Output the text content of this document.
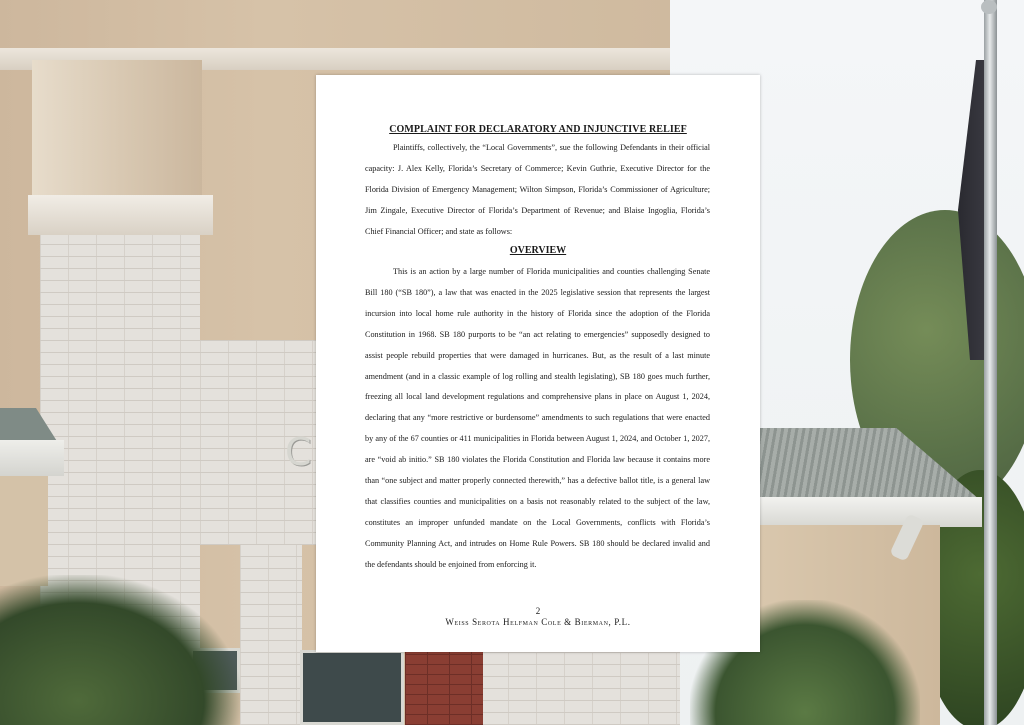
C
COMPLAINT FOR DECLARATORY AND INJUNCTIVE RELIEF

Plaintiffs, collectively, the “Local Governments”, sue the following Defendants in their official capacity: J. Alex Kelly, Florida’s Secretary of Commerce; Kevin Guthrie, Executive Director for the Florida Division of Emergency Management; Wilton Simpson, Florida’s Commissioner of Agriculture; Jim Zingale, Executive Director of Florida’s Department of Revenue; and Blaise Ingoglia, Florida’s Chief Financial Officer; and state as follows:

OVERVIEW

This is an action by a large number of Florida municipalities and counties challenging Senate Bill 180 (“SB 180”), a law that was enacted in the 2025 legislative session that represents the largest incursion into local home rule authority in the history of Florida since the adoption of the Florida Constitution in 1968. SB 180 purports to be “an act relating to emergencies” supposedly designed to assist people rebuild properties that were damaged in hurricanes. But, as the result of a last minute amendment (and in a classic example of log rolling and stealth legislating), SB 180 goes much further, freezing all local land development regulations and comprehensive plans in place on August 1, 2024, declaring that any “more restrictive or burdensome” amendments to such regulations that were enacted by any of the 67 counties or 411 municipalities in Florida between August 1, 2024, and October 1, 2027, are “void ab initio.” SB 180 violates the Florida Constitution and Florida law because it contains more than “one subject and matter properly connected therewith,” has a defective ballot title, is a general law that classifies counties and municipalities on a basis not reasonably related to the subject of the law, constitutes an improper unfunded mandate on the Local Governments, conflicts with Florida’s Community Planning Act, and intrudes on Home Rule Powers. SB 180 should be declared invalid and the defendants should be enjoined from enforcing it.

2
Weiss Serota Helfman Cole & Bierman, P.L.
